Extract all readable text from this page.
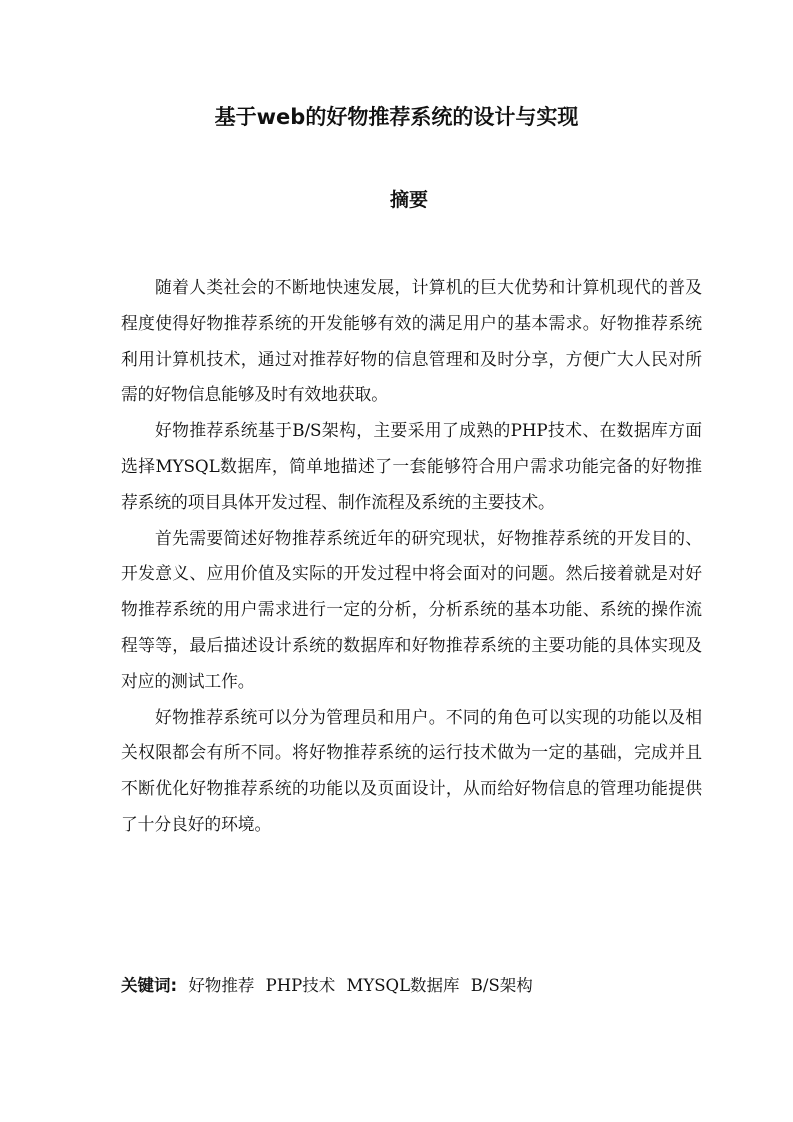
基于web的好物推荐系统的设计与实现
摘要

随着人类社会的不断地快速发展，计算机的巨大优势和计算机现代的普及程度使得好物推荐系统的开发能够有效的满足用户的基本需求。好物推荐系统利用计算机技术，通过对推荐好物的信息管理和及时分享，方便广大人民对所需的好物信息能够及时有效地获取。

好物推荐系统基于B/S架构，主要采用了成熟的PHP技术、在数据库方面选择MYSQL数据库，简单地描述了一套能够符合用户需求功能完备的好物推荐系统的项目具体开发过程、制作流程及系统的主要技术。

首先需要简述好物推荐系统近年的研究现状，好物推荐系统的开发目的、开发意义、应用价值及实际的开发过程中将会面对的问题。然后接着就是对好物推荐系统的用户需求进行一定的分析，分析系统的基本功能、系统的操作流程等等，最后描述设计系统的数据库和好物推荐系统的主要功能的具体实现及对应的测试工作。

好物推荐系统可以分为管理员和用户。不同的角色可以实现的功能以及相关权限都会有所不同。将好物推荐系统的运行技术做为一定的基础，完成并且不断优化好物推荐系统的功能以及页面设计，从而给好物信息的管理功能提供了十分良好的环境。

关键词: 好物推荐 PHP技术 MYSQL数据库 B/S架构
